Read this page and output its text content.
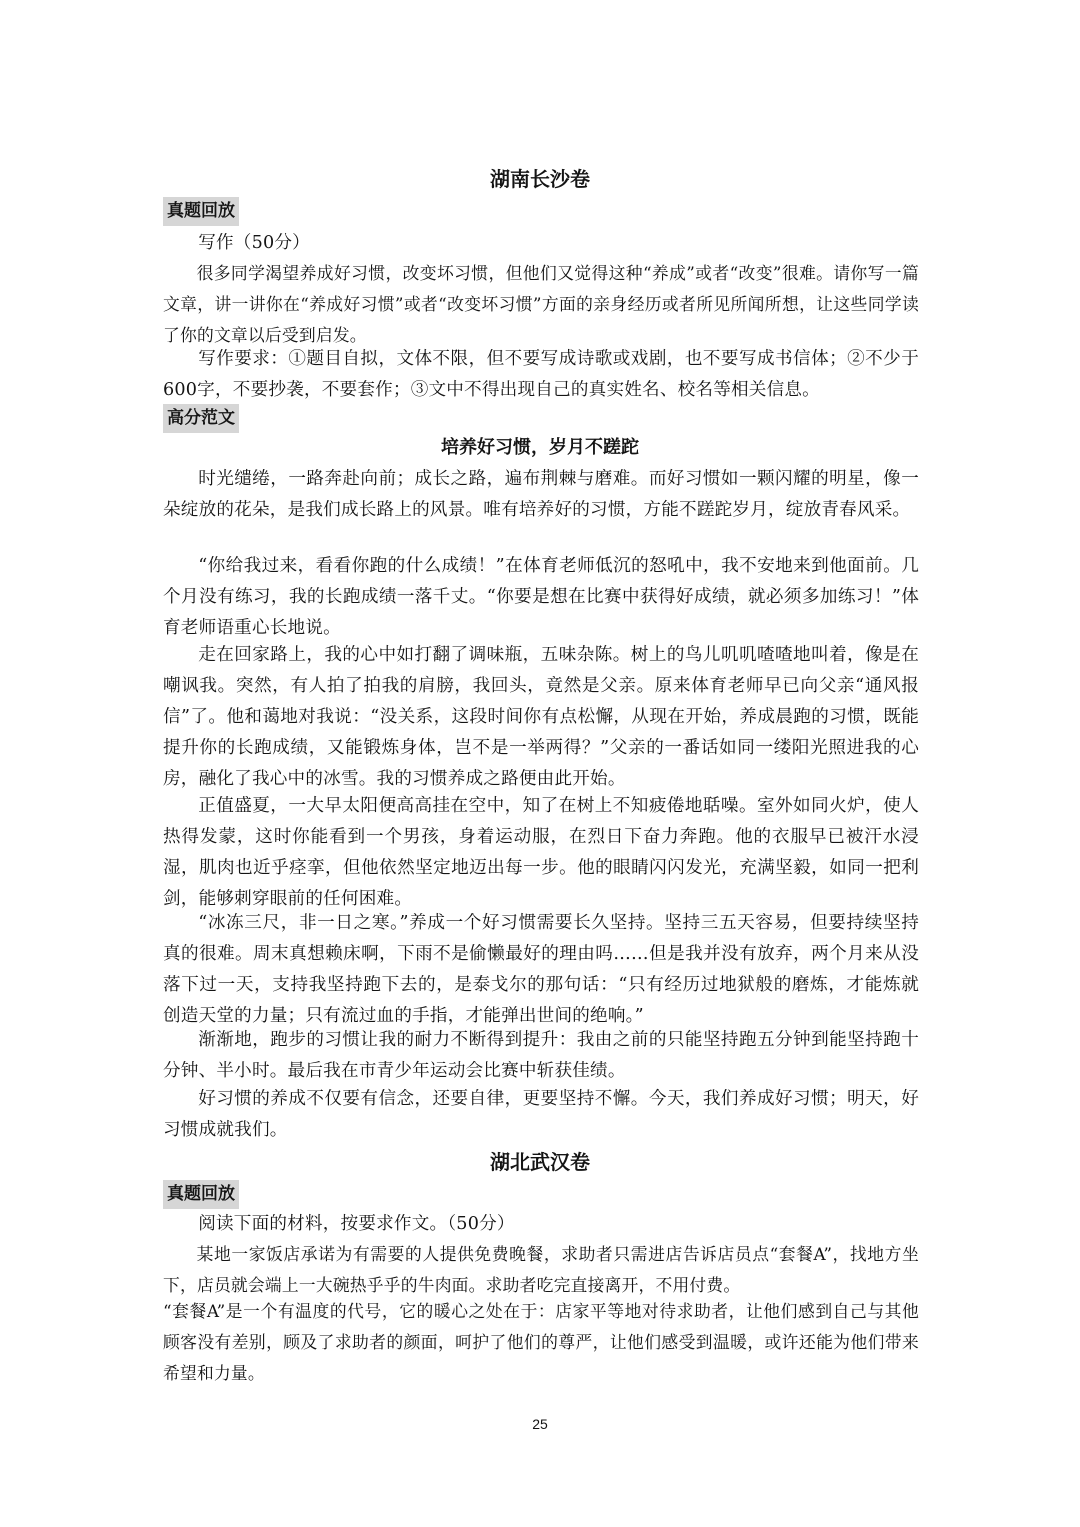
湖南长沙卷
真题回放

写作（50分）

很多同学渴望养成好习惯，改变坏习惯，但他们又觉得这种“养成”或者“改变”很难。请你写一篇文章，讲一讲你在“养成好习惯”或者“改变坏习惯”方面的亲身经历或者所见所闻所想，让这些同学读了你的文章以后受到启发。

写作要求：①题目自拟，文体不限，但不要写成诗歌或戏剧，也不要写成书信体；②不少于600字，不要抄袭，不要套作；③文中不得出现自己的真实姓名、校名等相关信息。

高分范文
培养好习惯，岁月不蹉跎

时光缱绻，一路奔赴向前；成长之路，遍布荆棘与磨难。而好习惯如一颗闪耀的明星，像一朵绽放的花朵，是我们成长路上的风景。唯有培养好的习惯，方能不蹉跎岁月，绽放青春风采。

“你给我过来，看看你跑的什么成绩！”在体育老师低沉的怒吼中，我不安地来到他面前。几个月没有练习，我的长跑成绩一落千丈。“你要是想在比赛中获得好成绩，就必须多加练习！”体育老师语重心长地说。

走在回家路上，我的心中如打翻了调味瓶，五味杂陈。树上的鸟儿叽叽喳喳地叫着，像是在嘲讽我。突然，有人拍了拍我的肩膀，我回头，竟然是父亲。原来体育老师早已向父亲“通风报信”了。他和蔼地对我说：“没关系，这段时间你有点松懈，从现在开始，养成晨跑的习惯，既能提升你的长跑成绩，又能锻炼身体，岂不是一举两得？”父亲的一番话如同一缕阳光照进我的心房，融化了我心中的冰雪。我的习惯养成之路便由此开始。

正值盛夏，一大早太阳便高高挂在空中，知了在树上不知疲倦地聒噪。室外如同火炉，使人热得发蒙，这时你能看到一个男孩，身着运动服，在烈日下奋力奔跑。他的衣服早已被汗水浸湿，肌肉也近乎痉挛，但他依然坚定地迈出每一步。他的眼睛闪闪发光，充满坚毅，如同一把利剑，能够刺穿眼前的任何困难。

“冰冻三尺，非一日之寒。”养成一个好习惯需要长久坚持。坚持三五天容易，但要持续坚持真的很难。周末真想赖床啊，下雨不是偷懒最好的理由吗……但是我并没有放弃，两个月来从没落下过一天，支持我坚持跑下去的，是泰戈尔的那句话：“只有经历过地狱般的磨炼，才能炼就创造天堂的力量；只有流过血的手指，才能弹出世间的绝响。”

渐渐地，跑步的习惯让我的耐力不断得到提升：我由之前的只能坚持跑五分钟到能坚持跑十分钟、半小时。最后我在市青少年运动会比赛中斩获佳绩。

好习惯的养成不仅要有信念，还要自律，更要坚持不懈。今天，我们养成好习惯；明天，好习惯成就我们。

湖北武汉卷
真题回放

阅读下面的材料，按要求作文。（50分）

某地一家饭店承诺为有需要的人提供免费晚餐，求助者只需进店告诉店员点“套餐A”，找地方坐下，店员就会端上一大碗热乎乎的牛肉面。求助者吃完直接离开，不用付费。

“套餐A”是一个有温度的代号，它的暖心之处在于：店家平等地对待求助者，让他们感到自己与其他顾客没有差别，顾及了求助者的颜面，呵护了他们的尊严，让他们感受到温暖，或许还能为他们带来希望和力量。

25
